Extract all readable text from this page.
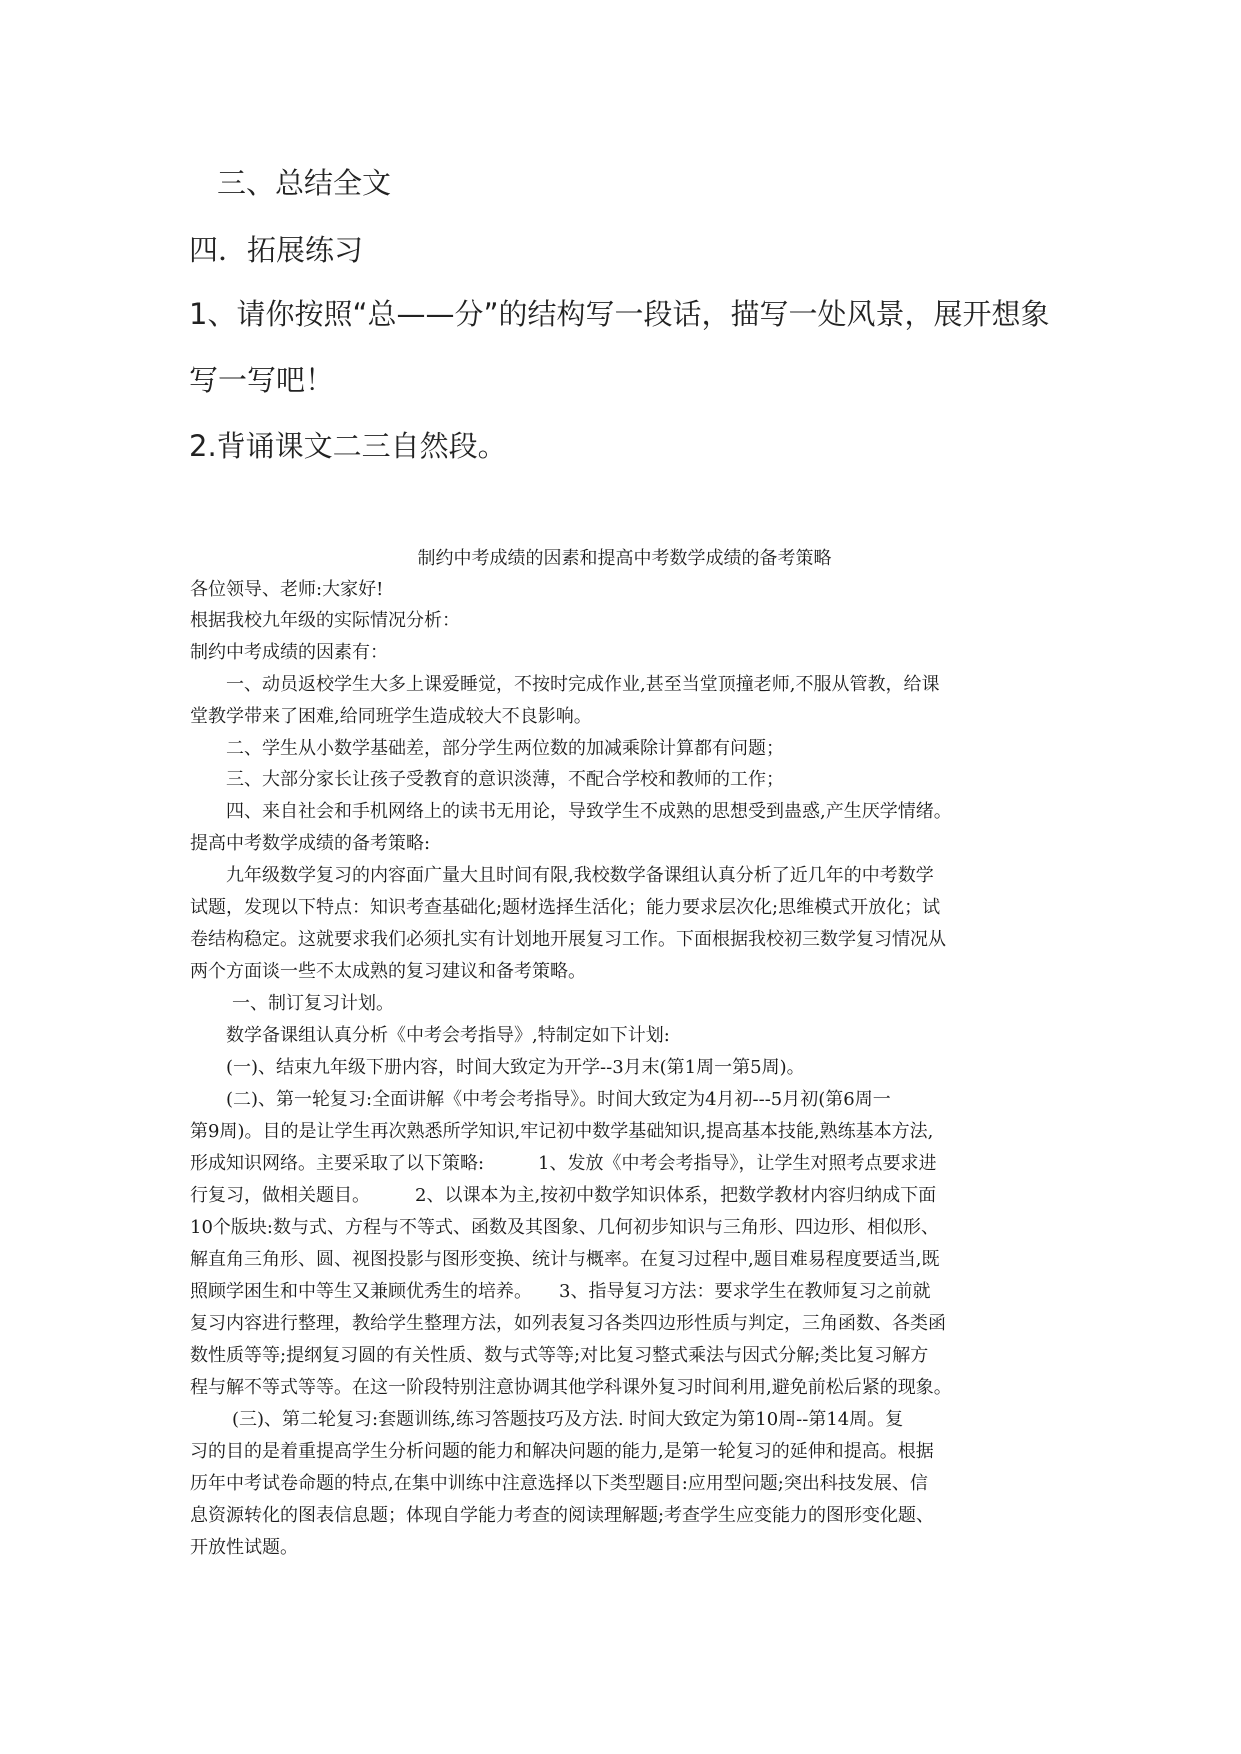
三、总结全文
四．拓展练习
1、请你按照“总——分”的结构写一段话，描写一处风景，展开想象
写一写吧！
2.背诵课文二三自然段。
制约中考成绩的因素和提高中考数学成绩的备考策略
各位领导、老师:大家好!
根据我校九年级的实际情况分析：
制约中考成绩的因素有：
一、动员返校学生大多上课爱睡觉，不按时完成作业,甚至当堂顶撞老师,不服从管教，给课
堂教学带来了困难,给同班学生造成较大不良影响。
二、学生从小数学基础差，部分学生两位数的加减乘除计算都有问题；
三、大部分家长让孩子受教育的意识淡薄，不配合学校和教师的工作；
四、来自社会和手机网络上的读书无用论，导致学生不成熟的思想受到蛊惑,产生厌学情绪。
提高中考数学成绩的备考策略:
九年级数学复习的内容面广量大且时间有限,我校数学备课组认真分析了近几年的中考数学
试题，发现以下特点：知识考查基础化;题材选择生活化；能力要求层次化;思维模式开放化；试
卷结构稳定。这就要求我们必须扎实有计划地开展复习工作。下面根据我校初三数学复习情况从
两个方面谈一些不太成熟的复习建议和备考策略。
一、制订复习计划。
数学备课组认真分析《中考会考指导》,特制定如下计划:
(一)、结束九年级下册内容，时间大致定为开学--3月末(第1周一第5周)。
(二)、第一轮复习:全面讲解《中考会考指导》。时间大致定为4月初---5月初(第6周一
第9周)。目的是让学生再次熟悉所学知识,牢记初中数学基础知识,提高基本技能,熟练基本方法,
形成知识网络。主要采取了以下策略:　　　1、发放《中考会考指导》，让学生对照考点要求进
行复习，做相关题目。　　　2、以课本为主,按初中数学知识体系，把数学教材内容归纳成下面
10个版块:数与式、方程与不等式、函数及其图象、几何初步知识与三角形、四边形、相似形、
解直角三角形、圆、视图投影与图形变换、统计与概率。在复习过程中,题目难易程度要适当,既
照顾学困生和中等生又兼顾优秀生的培养。　　3、指导复习方法：要求学生在教师复习之前就
复习内容进行整理，教给学生整理方法，如列表复习各类四边形性质与判定，三角函数、各类函
数性质等等;提纲复习圆的有关性质、数与式等等;对比复习整式乘法与因式分解;类比复习解方
程与解不等式等等。在这一阶段特别注意协调其他学科课外复习时间利用,避免前松后紧的现象。
(三)、第二轮复习:套题训练,练习答题技巧及方法. 时间大致定为第10周--第14周。复
习的目的是着重提高学生分析问题的能力和解决问题的能力,是第一轮复习的延伸和提高。根据
历年中考试卷命题的特点,在集中训练中注意选择以下类型题目:应用型问题;突出科技发展、信
息资源转化的图表信息题；体现自学能力考查的阅读理解题;考查学生应变能力的图形变化题、
开放性试题。
